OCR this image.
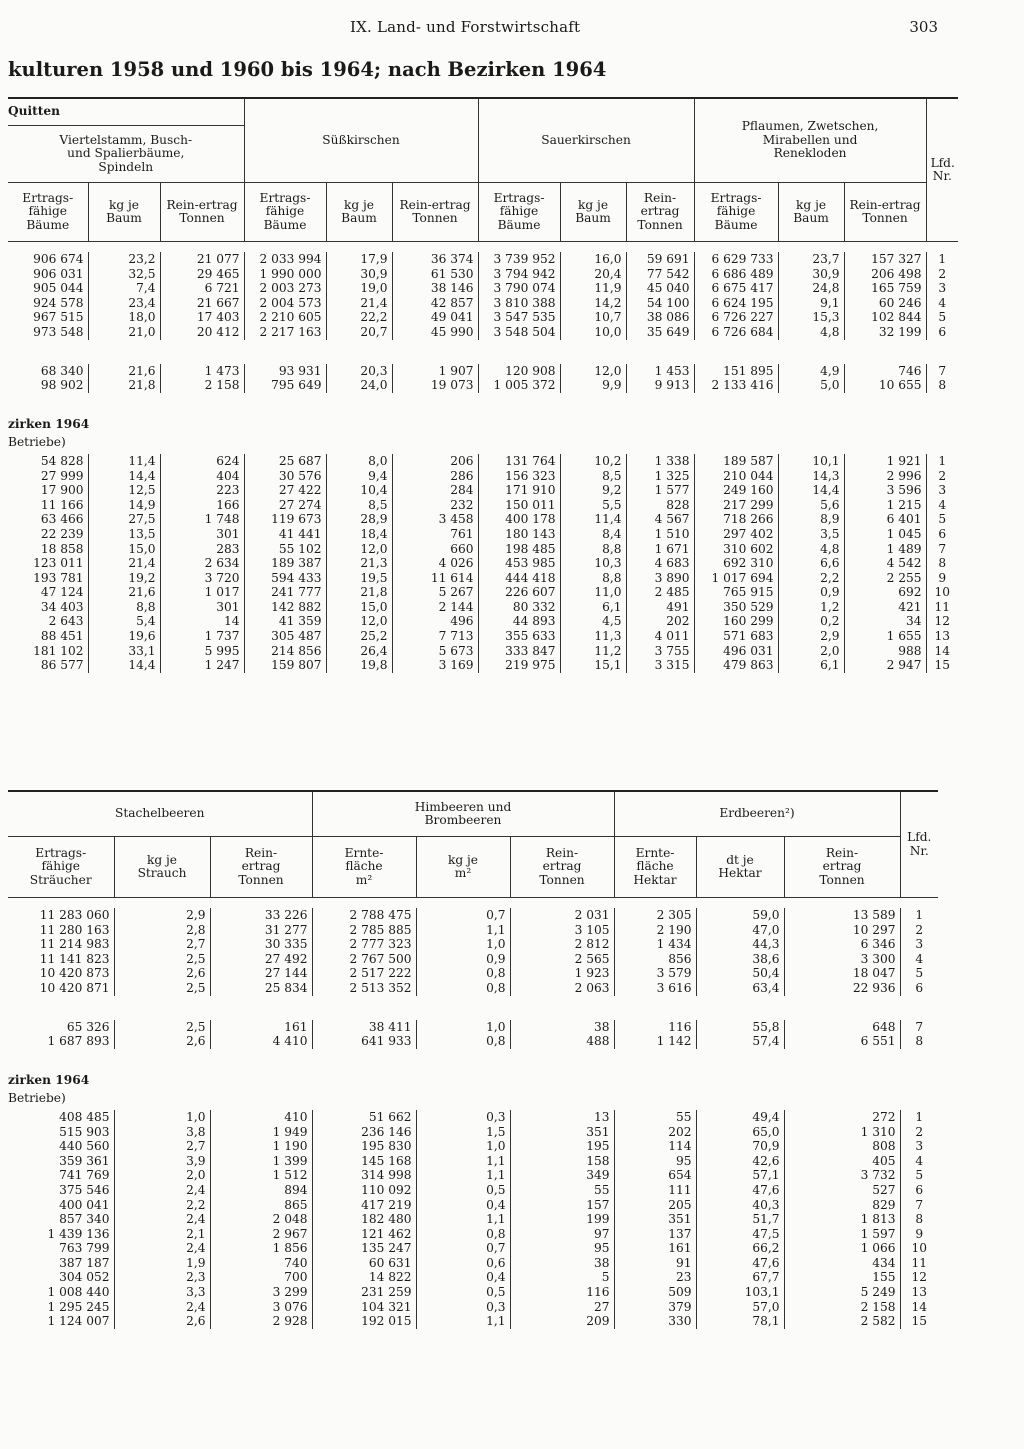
IX. Land- und Forstwirtschaft	303
kulturen 1958 und 1960 bis 1964; nach Bezirken 1964
Quitten			Süßkirschen			Sauerkirschen			Pflaumen, Zwetschen, Mirabellen und Renekloden			Lfd. Nr.
Viertelstamm, Busch- und Spalierbäume, Spindeln												
Ertrags-fähige Bäume	kg je Baum	Rein-ertrag Tonnen	Ertrags-fähige Bäume	kg je Baum	Rein-ertrag Tonnen	Ertrags-fähige Bäume	kg je Baum	Rein-ertrag Tonnen	Ertrags-fähige Bäume	kg je Baum	Rein-ertrag Tonnen	

906 674	23,2	21 077	2 033 994	17,9	36 374	3 739 952	16,0	59 691	6 629 733	23,7	157 327	1
906 031	32,5	29 465	1 990 000	30,9	61 530	3 794 942	20,4	77 542	6 686 489	30,9	206 498	2
905 044	7,4	6 721	2 003 273	19,0	38 146	3 790 074	11,9	45 040	6 675 417	24,8	165 759	3
924 578	23,4	21 667	2 004 573	21,4	42 857	3 810 388	14,2	54 100	6 624 195	9,1	60 246	4
967 515	18,0	17 403	2 210 605	22,2	49 041	3 547 535	10,7	38 086	6 726 227	15,3	102 844	5
973 548	21,0	20 412	2 217 163	20,7	45 990	3 548 504	10,0	35 649	6 726 684	4,8	32 199	6

68 340	21,6	1 473	93 931	20,3	1 907	120 908	12,0	1 453	151 895	4,9	746	7
98 902	21,8	2 158	795 649	24,0	19 073	1 005 372	9,9	9 913	2 133 416	5,0	10 655	8

zirken 1964												

Betriebe)												

54 828	11,4	624	25 687	8,0	206	131 764	10,2	1 338	189 587	10,1	1 921	1
27 999	14,4	404	30 576	9,4	286	156 323	8,5	1 325	210 044	14,3	2 996	2
17 900	12,5	223	27 422	10,4	284	171 910	9,2	1 577	249 160	14,4	3 596	3
11 166	14,9	166	27 274	8,5	232	150 011	5,5	828	217 299	5,6	1 215	4
63 466	27,5	1 748	119 673	28,9	3 458	400 178	11,4	4 567	718 266	8,9	6 401	5
22 239	13,5	301	41 441	18,4	761	180 143	8,4	1 510	297 402	3,5	1 045	6
18 858	15,0	283	55 102	12,0	660	198 485	8,8	1 671	310 602	4,8	1 489	7
123 011	21,4	2 634	189 387	21,3	4 026	453 985	10,3	4 683	692 310	6,6	4 542	8
193 781	19,2	3 720	594 433	19,5	11 614	444 418	8,8	3 890	1 017 694	2,2	2 255	9
47 124	21,6	1 017	241 777	21,8	5 267	226 607	11,0	2 485	765 915	0,9	692	10
34 403	8,8	301	142 882	15,0	2 144	80 332	6,1	491	350 529	1,2	421	11
2 643	5,4	14	41 359	12,0	496	44 893	4,5	202	160 299	0,2	34	12
88 451	19,6	1 737	305 487	25,2	7 713	355 633	11,3	4 011	571 683	2,9	1 655	13
181 102	33,1	5 995	214 856	26,4	5 673	333 847	11,2	3 755	496 031	2,0	988	14
86 577	14,4	1 247	159 807	19,8	3 169	219 975	15,1	3 315	479 863	6,1	2 947	15
Stachelbeeren			Himbeeren und Brombeeren			Erdbeeren²)			Lfd. Nr.
Ertrags-fähige Sträucher	kg je Strauch	Rein-ertrag Tonnen	Ernte-fläche m²	kg je m²	Rein-ertrag Tonnen	Ernte-fläche Hektar	dt je Hektar	Rein-ertrag Tonnen	

11 283 060	2,9	33 226	2 788 475	0,7	2 031	2 305	59,0	13 589	1
11 280 163	2,8	31 277	2 785 885	1,1	3 105	2 190	47,0	10 297	2
11 214 983	2,7	30 335	2 777 323	1,0	2 812	1 434	44,3	6 346	3
11 141 823	2,5	27 492	2 767 500	0,9	2 565	856	38,6	3 300	4
10 420 873	2,6	27 144	2 517 222	0,8	1 923	3 579	50,4	18 047	5
10 420 871	2,5	25 834	2 513 352	0,8	2 063	3 616	63,4	22 936	6

65 326	2,5	161	38 411	1,0	38	116	55,8	648	7
1 687 893	2,6	4 410	641 933	0,8	488	1 142	57,4	6 551	8

zirken 1964									

Betriebe)									

408 485	1,0	410	51 662	0,3	13	55	49,4	272	1
515 903	3,8	1 949	236 146	1,5	351	202	65,0	1 310	2
440 560	2,7	1 190	195 830	1,0	195	114	70,9	808	3
359 361	3,9	1 399	145 168	1,1	158	95	42,6	405	4
741 769	2,0	1 512	314 998	1,1	349	654	57,1	3 732	5
375 546	2,4	894	110 092	0,5	55	111	47,6	527	6
400 041	2,2	865	417 219	0,4	157	205	40,3	829	7
857 340	2,4	2 048	182 480	1,1	199	351	51,7	1 813	8
1 439 136	2,1	2 967	121 462	0,8	97	137	47,5	1 597	9
763 799	2,4	1 856	135 247	0,7	95	161	66,2	1 066	10
387 187	1,9	740	60 631	0,6	38	91	47,6	434	11
304 052	2,3	700	14 822	0,4	5	23	67,7	155	12
1 008 440	3,3	3 299	231 259	0,5	116	509	103,1	5 249	13
1 295 245	2,4	3 076	104 321	0,3	27	379	57,0	2 158	14
1 124 007	2,6	2 928	192 015	1,1	209	330	78,1	2 582	15
